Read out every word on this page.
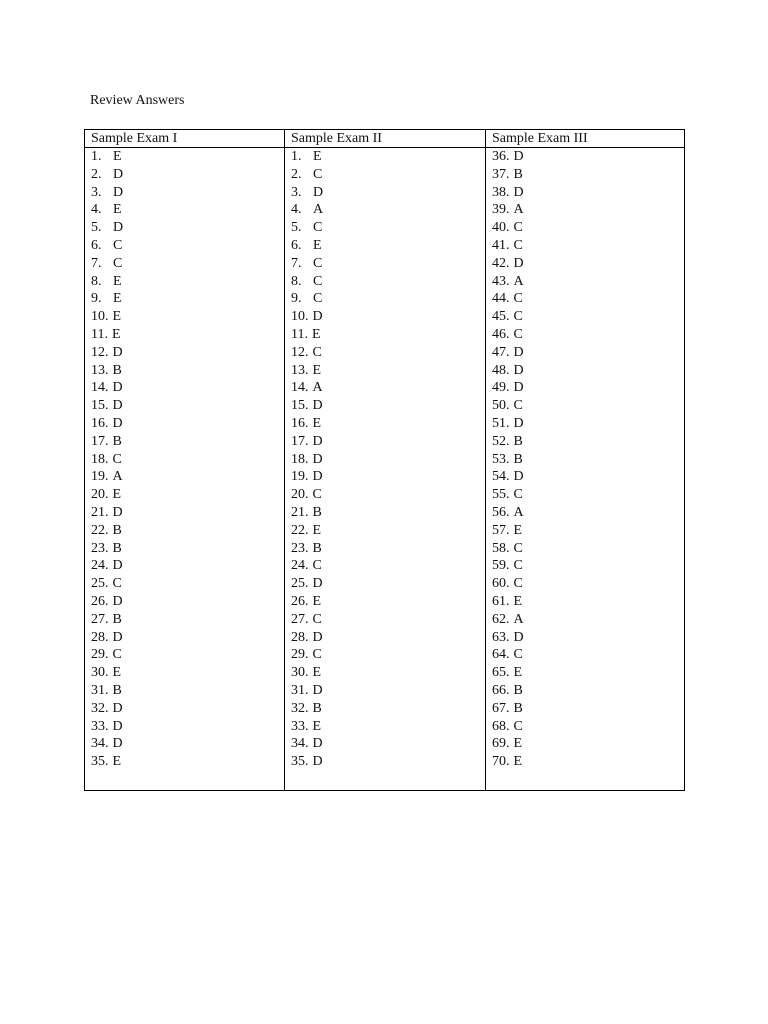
Review Answers
Sample Exam I
1. E
2. D
3. D
4. E
5. D
6. C
7. C
8. E
9. E
10. E
11. E
12. D
13. B
14. D
15. D
16. D
17. B
18. C
19. A
20. E
21. D
22. B
23. B
24. D
25. C
26. D
27. B
28. D
29. C
30. E
31. B
32. D
33. D
34. D
35. E
Sample Exam II
1. E
2. C
3. D
4. A
5. C
6. E
7. C
8. C
9. C
10. D
11. E
12. C
13. E
14. A
15. D
16. E
17. D
18. D
19. D
20. C
21. B
22. E
23. B
24. C
25. D
26. E
27. C
28. D
29. C
30. E
31. D
32. B
33. E
34. D
35. D
Sample Exam III
36. D
37. B
38. D
39. A
40. C
41. C
42. D
43. A
44. C
45. C
46. C
47. D
48. D
49. D
50. C
51. D
52. B
53. B
54. D
55. C
56. A
57. E
58. C
59. C
60. C
61. E
62. A
63. D
64. C
65. E
66. B
67. B
68. C
69. E
70. E
